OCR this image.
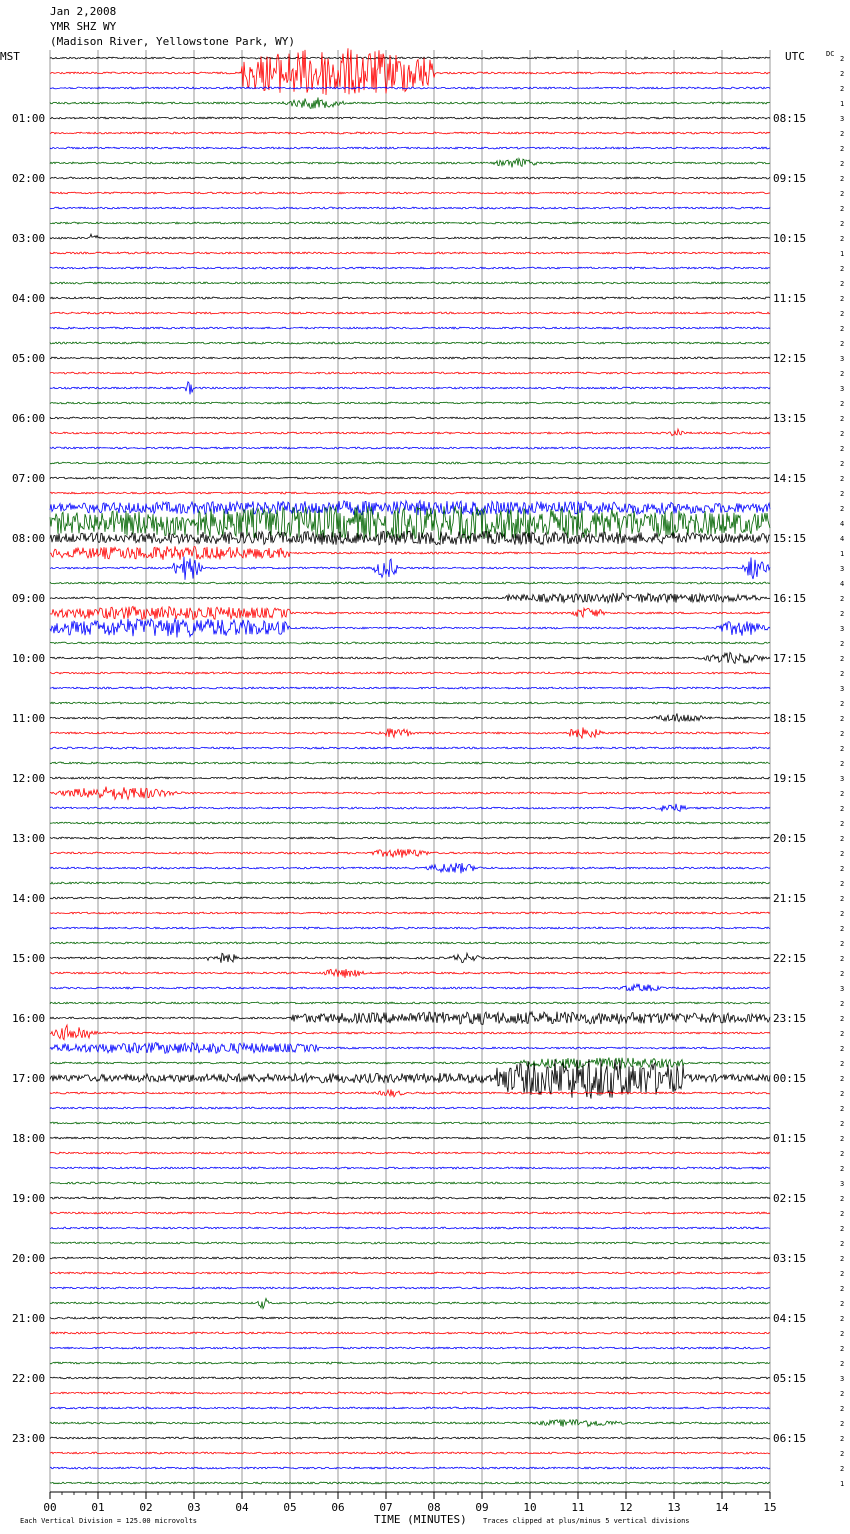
Jan 2,2008
YMR SHZ WY
(Madison River, Yellowstone Park, WY)
MST	UTC	DC
01:00	08:15
02:00	09:15
03:00	10:15
04:00	11:15
05:00	12:15
06:00	13:15
07:00	14:15
08:00	15:15
09:00	16:15
10:00	17:15
11:00	18:15
12:00	19:15
13:00	20:15
14:00	21:15
15:00	22:15
16:00	23:15
17:00	00:15
18:00	01:15
19:00	02:15
20:00	03:15
21:00	04:15
22:00	05:15
23:00	06:15
2
2
2
1
3
2
2
2
2
2
2
2
2
1
2
2
2
2
2
2
3
2
3
2
2
2
2
2
2
2
2
4
4
1
3
4
2
2
3
2
2
2
3
2
2
2
2
2
3
2
2
2
2
2
2
2
2
2
2
2
2
2
3
2
2
2
2
2
2
2
2
2
2
2
2
3
2
2
2
2
2
2
2
2
2
2
2
2
3
2
2
2
2
2
2
1
00	01	02	03	04	05	06	07	08	09	10	11	12	13	14	15
TIME (MINUTES)
Each Vertical Division = 125.00 microvolts	Traces clipped at plus/minus 5 vertical divisions
